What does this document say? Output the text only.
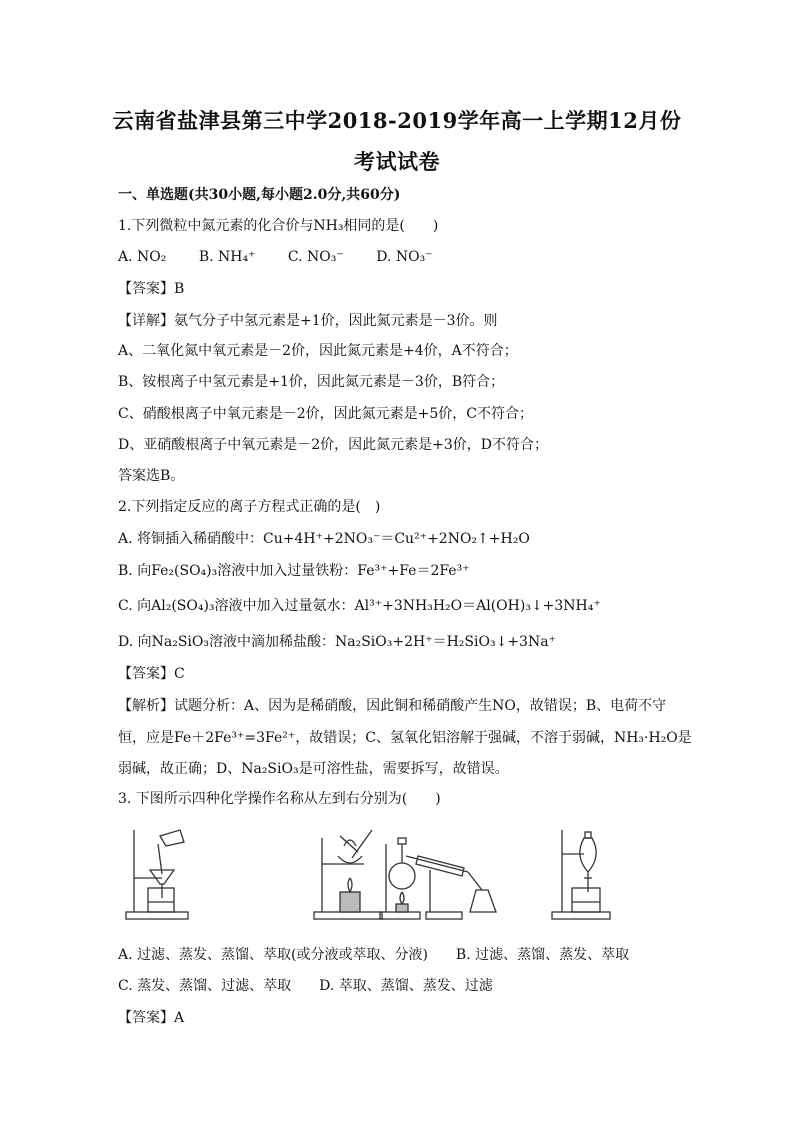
云南省盐津县第三中学2018-2019学年高一上学期12月份
考试试卷
一、单选题(共30小题,每小题2.0分,共60分)
1.下列微粒中氮元素的化合价与NH₃相同的是(　　)
A. NO₂ B. NH₄⁺ C. NO₃⁻ D. NO₃⁻
【答案】B
【详解】氨气分子中氢元素是+1价，因此氮元素是－3价。则
A、二氧化氮中氧元素是－2价，因此氮元素是+4价，A不符合；
B、铵根离子中氢元素是+1价，因此氮元素是－3价，B符合；
C、硝酸根离子中氧元素是－2价，因此氮元素是+5价，C不符合；
D、亚硝酸根离子中氧元素是－2价，因此氮元素是+3价，D不符合；
答案选B。
2.下列指定反应的离子方程式正确的是(　)
A. 将铜插入稀硝酸中：Cu+4H⁺+2NO₃⁻＝Cu²⁺+2NO₂↑+H₂O
B. 向Fe₂(SO₄)₃溶液中加入过量铁粉：Fe³⁺+Fe＝2Fe³⁺
C. 向Al₂(SO₄)₃溶液中加入过量氨水：Al³⁺+3NH₃H₂O＝Al(OH)₃↓+3NH₄⁺
D. 向Na₂SiO₃溶液中滴加稀盐酸：Na₂SiO₃+2H⁺＝H₂SiO₃↓+3Na⁺
【答案】C
【解析】试题分析：A、因为是稀硝酸，因此铜和稀硝酸产生NO，故错误；B、电荷不守
恒，应是Fe＋2Fe³⁺=3Fe²⁺，故错误；C、氢氧化铝溶解于强碱，不溶于弱碱，NH₃·H₂O是
弱碱，故正确；D、Na₂SiO₃是可溶性盐，需要拆写，故错误。
3. 下图所示四种化学操作名称从左到右分别为(　　)
A. 过滤、蒸发、蒸馏、萃取(或分液或萃取、分液)　　B. 过滤、蒸馏、蒸发、萃取
C. 蒸发、蒸馏、过滤、萃取　　D. 萃取、蒸馏、蒸发、过滤
【答案】A
